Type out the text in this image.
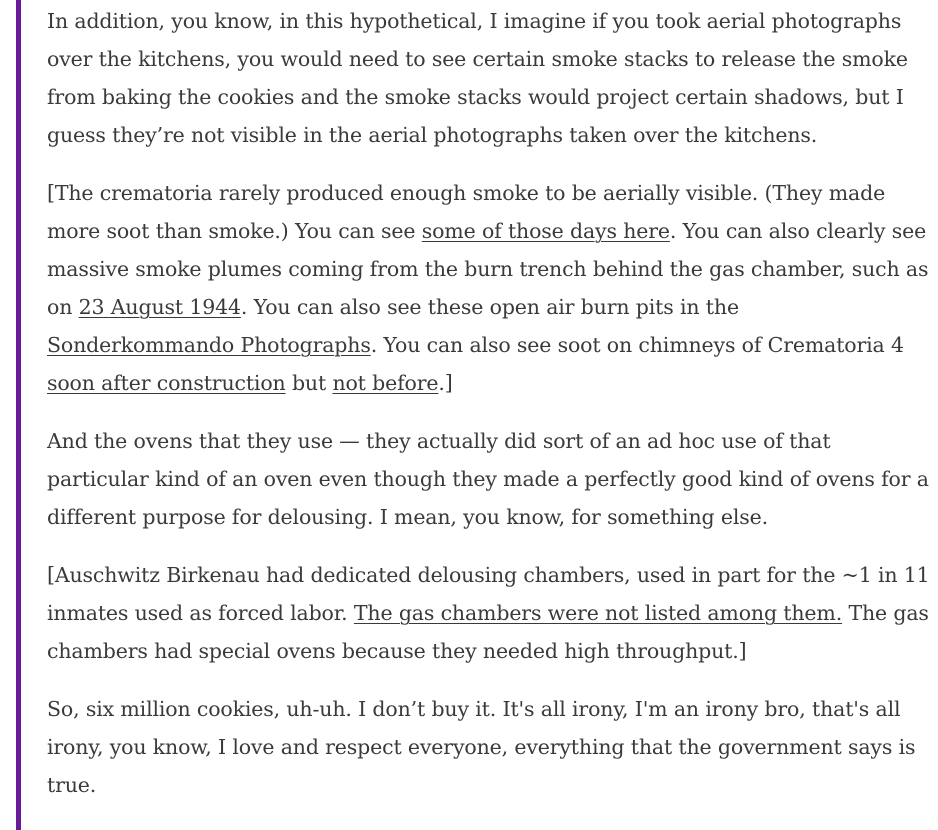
In addition, you know, in this hypothetical, I imagine if you took aerial photographs over the kitchens, you would need to see certain smoke stacks to release the smoke from baking the cookies and the smoke stacks would project certain shadows, but I guess they’re not visible in the aerial photographs taken over the kitchens.

[The crematoria rarely produced enough smoke to be aerially visible. (They made more soot than smoke.) You can see some of those days here. You can also clearly see massive smoke plumes coming from the burn trench behind the gas chamber, such as on 23 August 1944. You can also see these open air burn pits in the Sonderkommando Photographs. You can also see soot on chimneys of Crematoria 4 soon after construction but not before.]

And the ovens that they use — they actually did sort of an ad hoc use of that particular kind of an oven even though they made a perfectly good kind of ovens for a different purpose for delousing. I mean, you know, for something else.

[Auschwitz Birkenau had dedicated delousing chambers, used in part for the ~1 in 11 inmates used as forced labor. The gas chambers were not listed among them. The gas chambers had special ovens because they needed high throughput.]

So, six million cookies, uh-uh. I don’t buy it. It's all irony, I'm an irony bro, that's all irony, you know, I love and respect everyone, everything that the government says is true.
